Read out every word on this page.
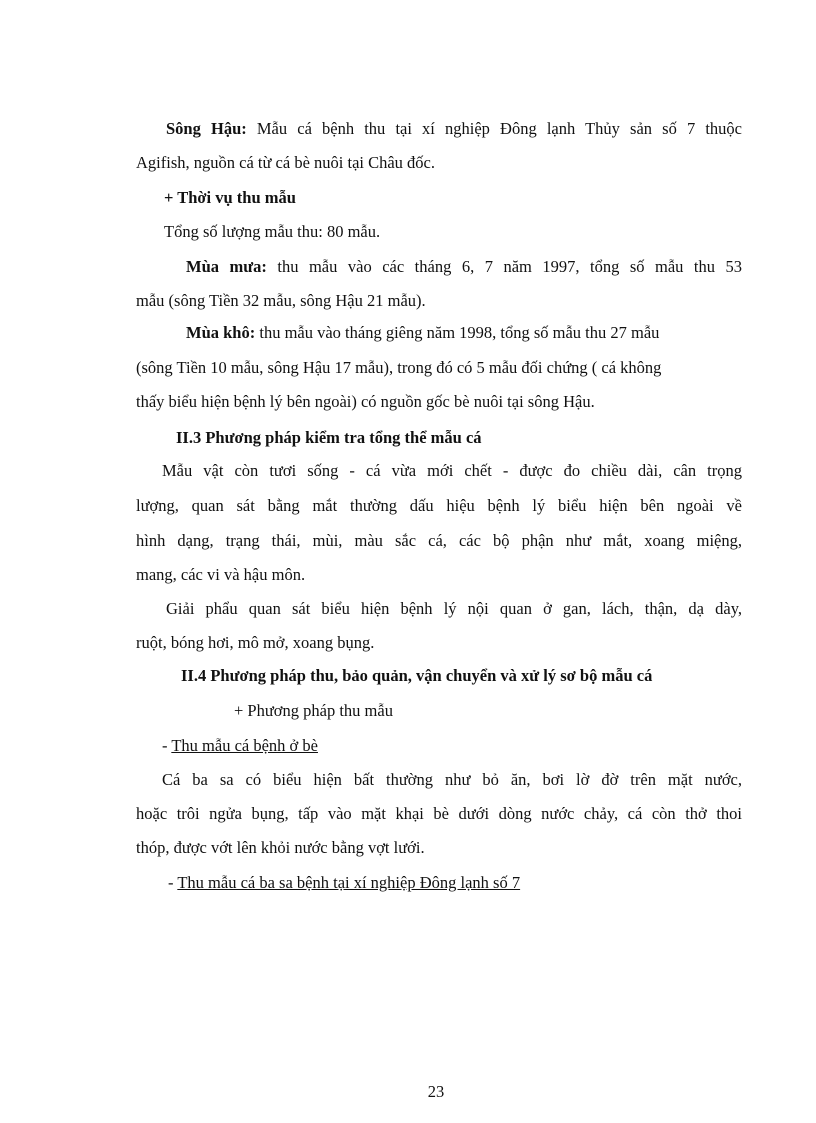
Sông Hậu: Mẫu cá bệnh thu tại xí nghiệp Đông lạnh Thủy sản số 7 thuộc
Agifish, nguồn cá từ cá bè nuôi tại Châu đốc.
+ Thời vụ thu mẫu
Tổng số lượng mẫu thu: 80 mẫu.
Mùa mưa: thu mẫu vào các tháng 6, 7 năm 1997, tổng số mẫu thu 53
mẫu (sông Tiền 32 mẫu, sông Hậu 21 mẫu).
Mùa khô: thu mẫu vào tháng giêng năm 1998, tổng số mẫu thu 27 mẫu
(sông Tiền 10 mẫu, sông Hậu 17 mẫu), trong đó có 5 mẫu đối chứng ( cá không
thấy biểu hiện bệnh lý bên ngoài) có nguồn gốc bè nuôi tại sông Hậu.
II.3 Phương pháp kiểm tra tổng thể mẫu cá
Mẫu vật còn tươi sống - cá vừa mới chết - được đo chiều dài, cân trọng
lượng, quan sát bằng mắt thường dấu hiệu bệnh lý biểu hiện bên ngoài về
hình dạng, trạng thái, mùi, màu sắc cá, các bộ phận như mắt, xoang miệng,
mang, các vi và hậu môn.
Giải phẩu quan sát biểu hiện bệnh lý nội quan ở gan, lách, thận, dạ dày,
ruột, bóng hơi, mô mở, xoang bụng.
II.4 Phương pháp thu, bảo quản, vận chuyển và xử lý sơ bộ mẫu cá
+ Phương pháp thu mẫu
- Thu mẫu cá bệnh ở bè
Cá ba sa có biểu hiện bất thường như bỏ ăn, bơi lờ đờ trên mặt nước,
hoặc trôi ngửa bụng, tấp vào mặt khại bè dưới dòng nước chảy, cá còn thở thoi
thóp, được vớt lên khỏi nước bằng vợt lưới.
- Thu mẫu cá ba sa bệnh tại xí nghiệp Đông lạnh số 7
23
